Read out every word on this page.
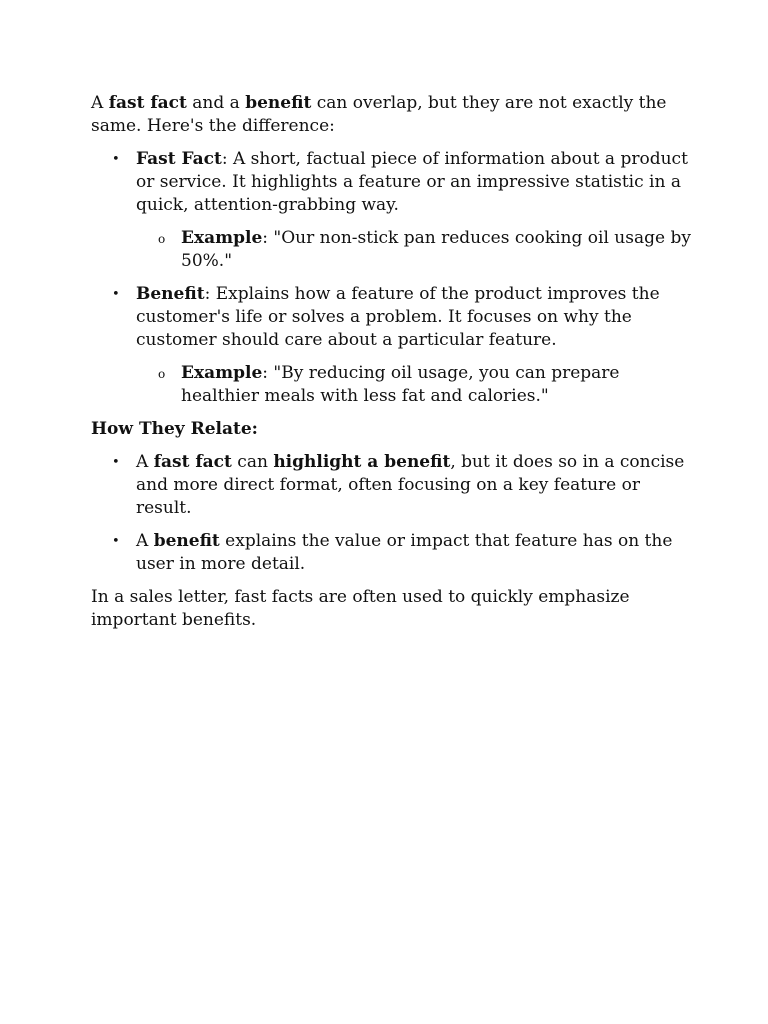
A fast fact and a benefit can overlap, but they are not exactly the same. Here's the difference:

• Fast Fact: A short, factual piece of information about a product or service. It highlights a feature or an impressive statistic in a quick, attention-grabbing way.
o Example: "Our non-stick pan reduces cooking oil usage by 50%."
• Benefit: Explains how a feature of the product improves the customer's life or solves a problem. It focuses on why the customer should care about a particular feature.
o Example: "By reducing oil usage, you can prepare healthier meals with less fat and calories."

How They Relate:

• A fast fact can highlight a benefit, but it does so in a concise and more direct format, often focusing on a key feature or result.
• A benefit explains the value or impact that feature has on the user in more detail.

In a sales letter, fast facts are often used to quickly emphasize important benefits.
